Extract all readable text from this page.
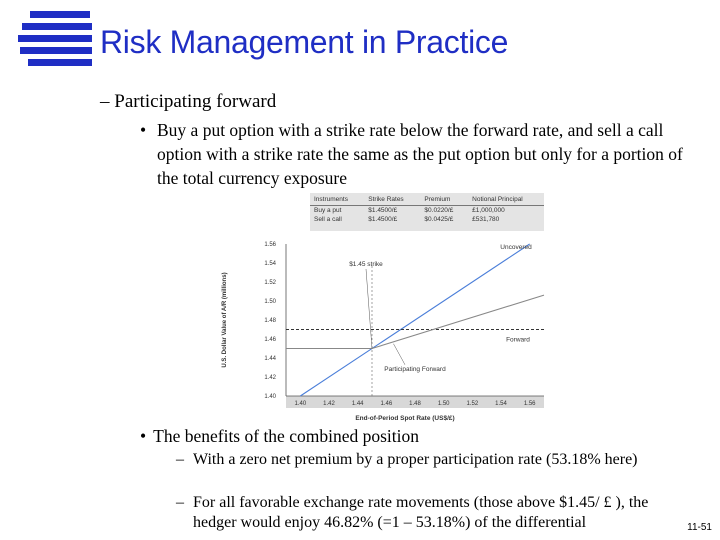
Risk Management in Practice
– Participating forward
• Buy a put option with a strike rate below the forward rate, and sell a call option with a strike rate the same as the put option but only for a portion of the total currency exposure
Instruments	Strike Rates	Premium	Notional Principal
Buy a put	$1.4500/£	$0.0220/£	£1,000,000
Sell a call	$1.4500/£	$0.0425/£	£531,780
1.40	1.42	1.44	1.46	1.48	1.50	1.52	1.54	1.56
1.40
1.42
1.44
1.46
1.48
1.50
1.52
1.54
1.56
End-of-Period Spot Rate (US$/£)
U.S. Dollar Value of A/R (millions)
$1.45 strike
Uncovered
Forward
Participating Forward
• The benefits of the combined position
– With a zero net premium by a proper participation rate (53.18% here)
– For all favorable exchange rate movements (those above $1.45/ £ ), the hedger would enjoy 46.82% (=1 – 53.18%) of the differential	11-51
